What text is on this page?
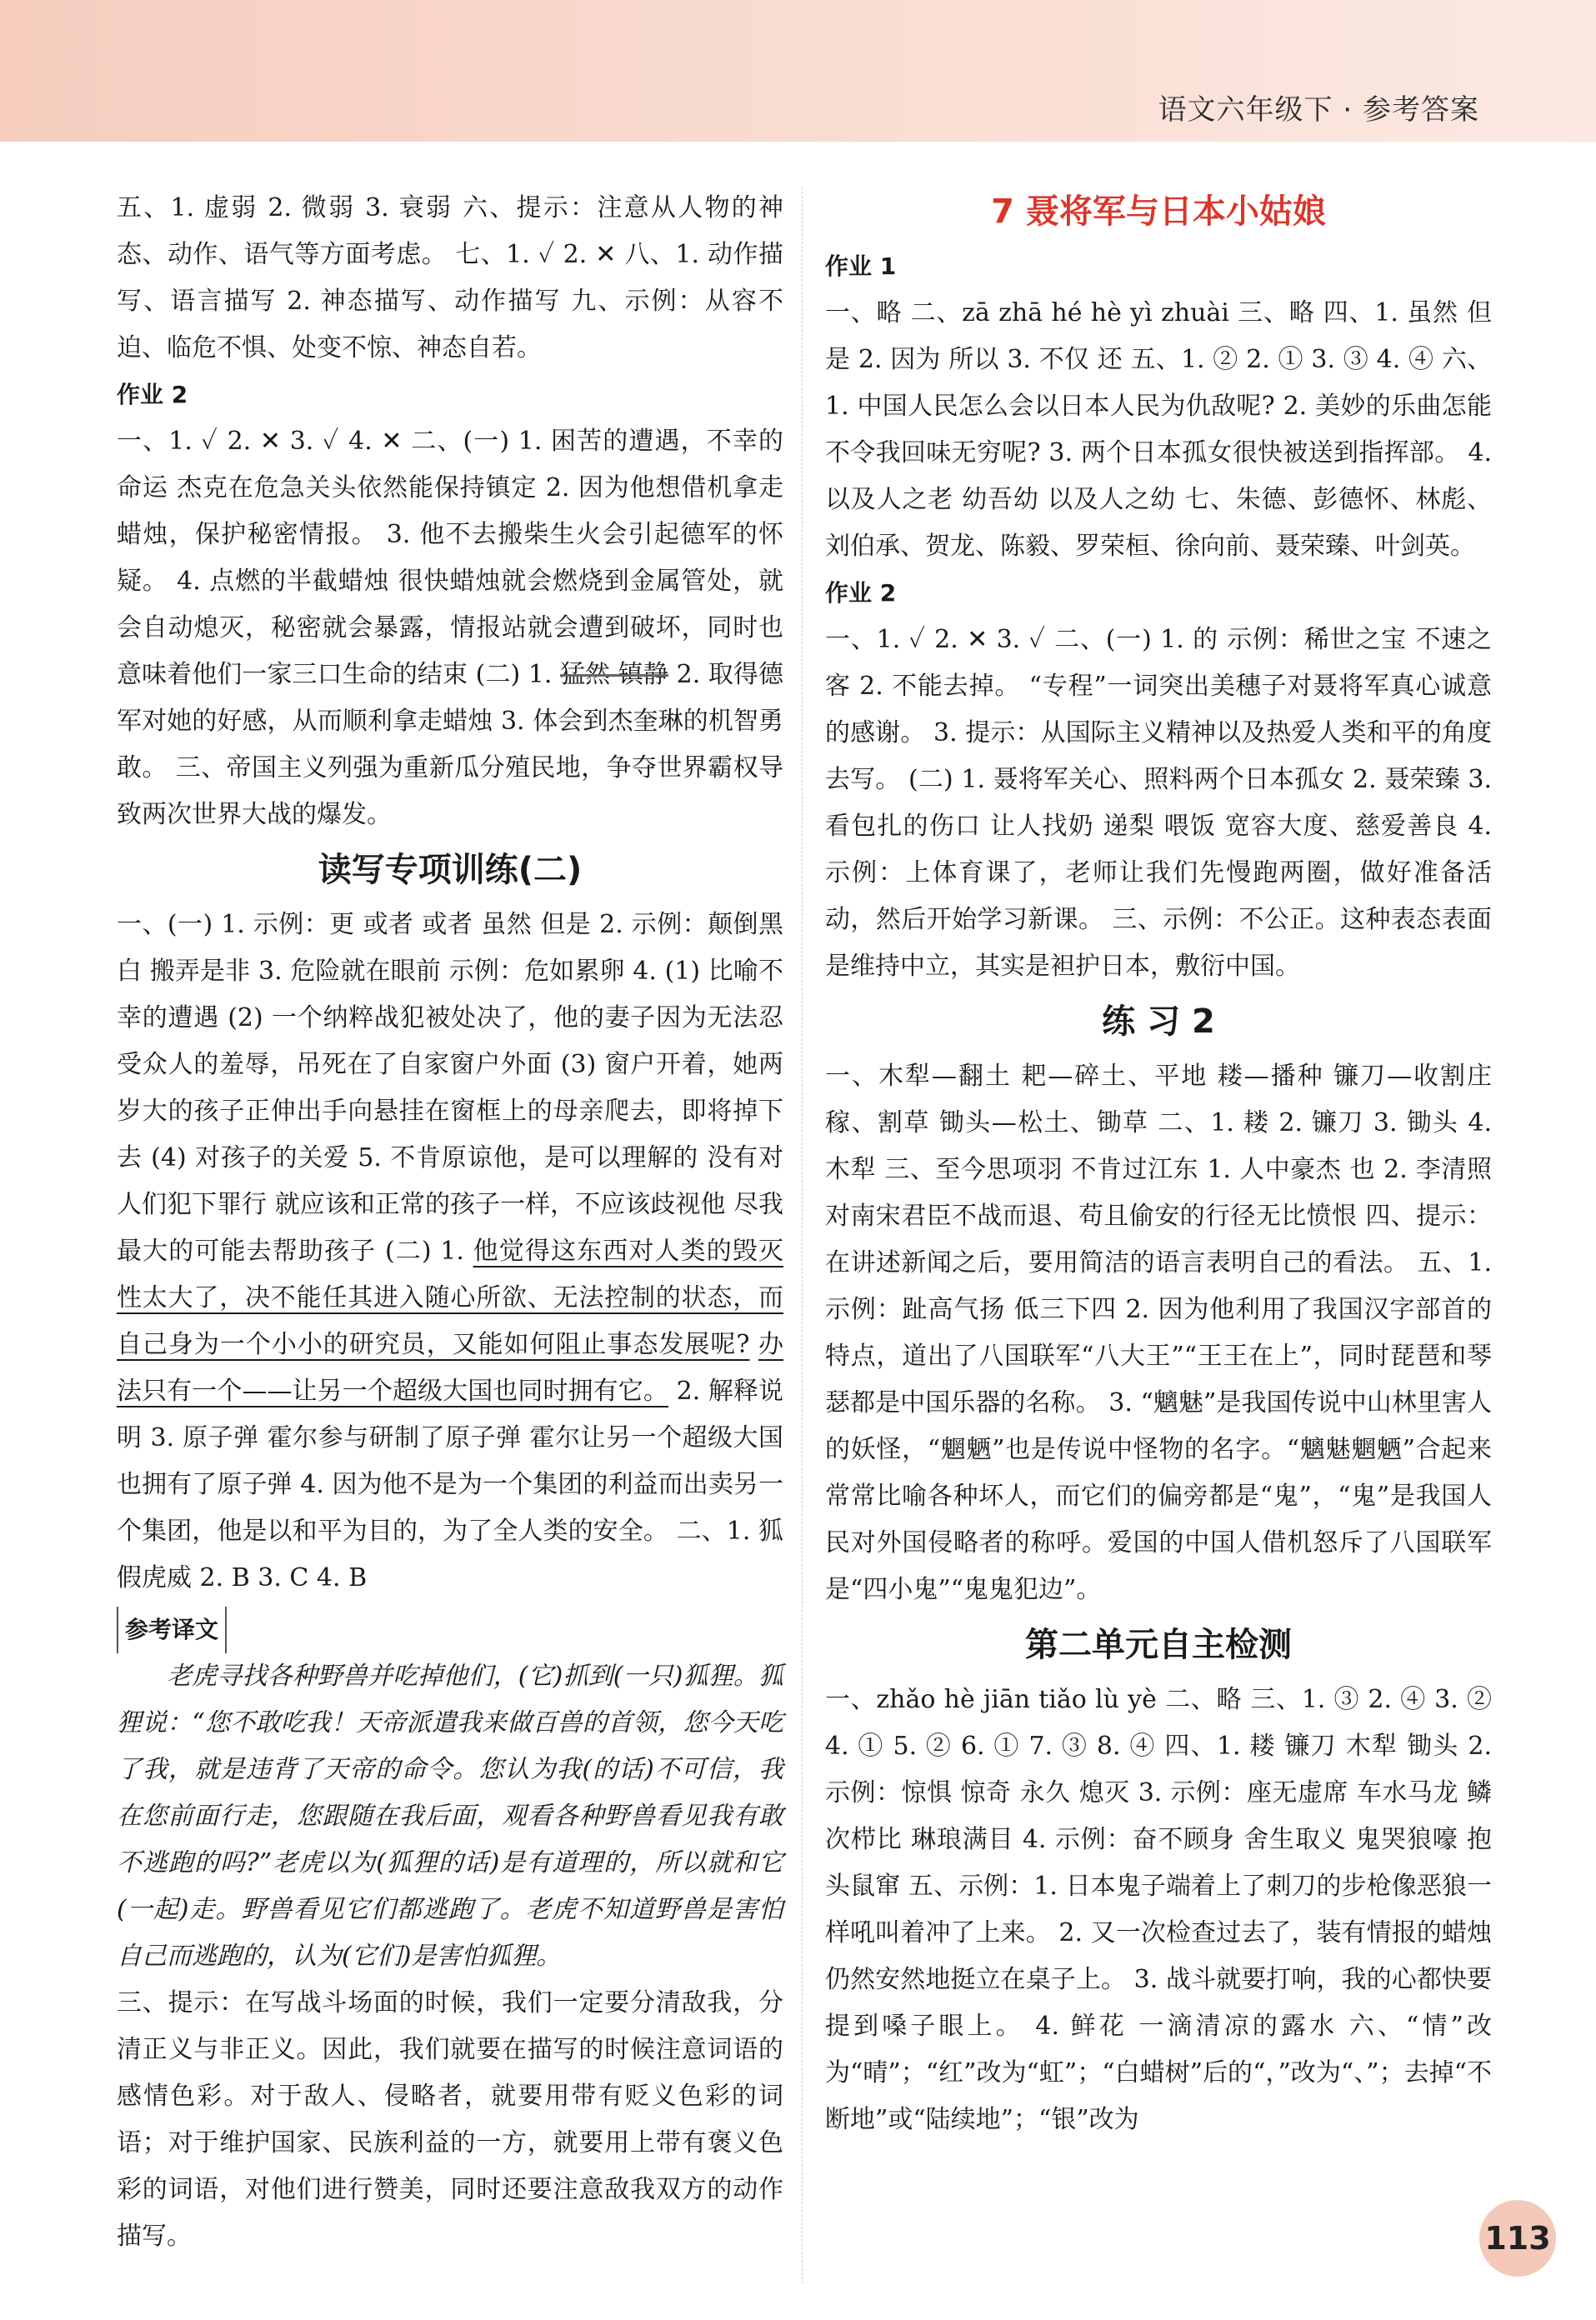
语文六年级下 · 参考答案

五、1. 虚弱 2. 微弱 3. 衰弱 六、提示：注意从人物的神态、动作、语气等方面考虑。 七、1. ✓ 2. ✕ 八、1. 动作描写、语言描写 2. 神态描写、动作描写 九、示例：从容不迫、临危不惧、处变不惊、神态自若。

作业 2

一、1. ✓ 2. ✕ 3. ✓ 4. ✕ 二、(一) 1. 困苦的遭遇，不幸的命运 杰克在危急关头依然能保持镇定 2. 因为他想借机拿走蜡烛，保护秘密情报。 3. 他不去搬柴生火会引起德军的怀疑。 4. 点燃的半截蜡烛 很快蜡烛就会燃烧到金属管处，就会自动熄灭，秘密就会暴露，情报站就会遭到破坏，同时也意味着他们一家三口生命的结束 (二) 1. 猛然 镇静 2. 取得德军对她的好感，从而顺利拿走蜡烛 3. 体会到杰奎琳的机智勇敢。 三、帝国主义列强为重新瓜分殖民地，争夺世界霸权导致两次世界大战的爆发。

读写专项训练(二)

一、(一) 1. 示例：更 或者 或者 虽然 但是 2. 示例：颠倒黑白 搬弄是非 3. 危险就在眼前 示例：危如累卵 4. (1) 比喻不幸的遭遇 (2) 一个纳粹战犯被处决了，他的妻子因为无法忍受众人的羞辱，吊死在了自家窗户外面 (3) 窗户开着，她两岁大的孩子正伸出手向悬挂在窗框上的母亲爬去，即将掉下去 (4) 对孩子的关爱 5. 不肯原谅他，是可以理解的 没有对人们犯下罪行 就应该和正常的孩子一样，不应该歧视他 尽我最大的可能去帮助孩子 (二) 1. 他觉得这东西对人类的毁灭性太大了，决不能任其进入随心所欲、无法控制的状态，而自己身为一个小小的研究员，又能如何阻止事态发展呢? 办法只有一个——让另一个超级大国也同时拥有它。 2. 解释说明 3. 原子弹 霍尔参与研制了原子弹 霍尔让另一个超级大国也拥有了原子弹 4. 因为他不是为一个集团的利益而出卖另一个集团，他是以和平为目的，为了全人类的安全。 二、1. 狐假虎威 2. B 3. C 4. B

参考译文

老虎寻找各种野兽并吃掉他们，(它)抓到(一只)狐狸。狐狸说：“您不敢吃我！天帝派遣我来做百兽的首领，您今天吃了我，就是违背了天帝的命令。您认为我(的话)不可信，我在您前面行走，您跟随在我后面，观看各种野兽看见我有敢不逃跑的吗?”老虎以为(狐狸的话)是有道理的，所以就和它(一起)走。野兽看见它们都逃跑了。老虎不知道野兽是害怕自己而逃跑的，认为(它们)是害怕狐狸。

三、提示：在写战斗场面的时候，我们一定要分清敌我，分清正义与非正义。因此，我们就要在描写的时候注意词语的感情色彩。对于敌人、侵略者，就要用带有贬义色彩的词语；对于维护国家、民族利益的一方，就要用上带有褒义色彩的词语，对他们进行赞美，同时还要注意敌我双方的动作描写。

7 聂将军与日本小姑娘
作业 1

一、略 二、zā zhā hé hè yì zhuài 三、略 四、1. 虽然 但是 2. 因为 所以 3. 不仅 还 五、1. ② 2. ① 3. ③ 4. ④ 六、1. 中国人民怎么会以日本人民为仇敌呢? 2. 美妙的乐曲怎能不令我回味无穷呢? 3. 两个日本孤女很快被送到指挥部。 4. 以及人之老 幼吾幼 以及人之幼 七、朱德、彭德怀、林彪、刘伯承、贺龙、陈毅、罗荣桓、徐向前、聂荣臻、叶剑英。

作业 2

一、1. ✓ 2. ✕ 3. ✓ 二、(一) 1. 的 示例：稀世之宝 不速之客 2. 不能去掉。 “专程”一词突出美穗子对聂将军真心诚意的感谢。 3. 提示：从国际主义精神以及热爱人类和平的角度去写。 (二) 1. 聂将军关心、照料两个日本孤女 2. 聂荣臻 3. 看包扎的伤口 让人找奶 递梨 喂饭 宽容大度、慈爱善良 4. 示例：上体育课了，老师让我们先慢跑两圈，做好准备活动，然后开始学习新课。 三、示例：不公正。这种表态表面是维持中立，其实是袒护日本，敷衍中国。

练 习 2

一、木犁—翻土 耙—碎土、平地 耧—播种 镰刀—收割庄稼、割草 锄头—松土、锄草 二、1. 耧 2. 镰刀 3. 锄头 4. 木犁 三、至今思项羽 不肯过江东 1. 人中豪杰 也 2. 李清照 对南宋君臣不战而退、苟且偷安的行径无比愤恨 四、提示：在讲述新闻之后，要用简洁的语言表明自己的看法。 五、1. 示例：趾高气扬 低三下四 2. 因为他利用了我国汉字部首的特点，道出了八国联军“八大王”“王王在上”，同时琵琶和琴瑟都是中国乐器的名称。 3. “魑魅”是我国传说中山林里害人的妖怪，“魍魉”也是传说中怪物的名字。“魑魅魍魉”合起来常常比喻各种坏人，而它们的偏旁都是“鬼”，“鬼”是我国人民对外国侵略者的称呼。爱国的中国人借机怒斥了八国联军是“四小鬼”“鬼鬼犯边”。

第二单元自主检测

一、zhǎo hè jiān tiǎo lù yè 二、略 三、1. ③ 2. ④ 3. ② 4. ① 5. ② 6. ① 7. ③ 8. ④ 四、1. 耧 镰刀 木犁 锄头 2. 示例：惊惧 惊奇 永久 熄灭 3. 示例：座无虚席 车水马龙 鳞次栉比 琳琅满目 4. 示例：奋不顾身 舍生取义 鬼哭狼嚎 抱头鼠窜 五、示例：1. 日本鬼子端着上了刺刀的步枪像恶狼一样吼叫着冲了上来。 2. 又一次检查过去了，装有情报的蜡烛仍然安然地挺立在桌子上。 3. 战斗就要打响，我的心都快要提到嗓子眼上。 4. 鲜花 一滴清凉的露水 六、“情”改为“晴”；“红”改为“虹”；“白蜡树”后的“，”改为“、”；去掉“不断地”或“陆续地”；“银”改为

113
